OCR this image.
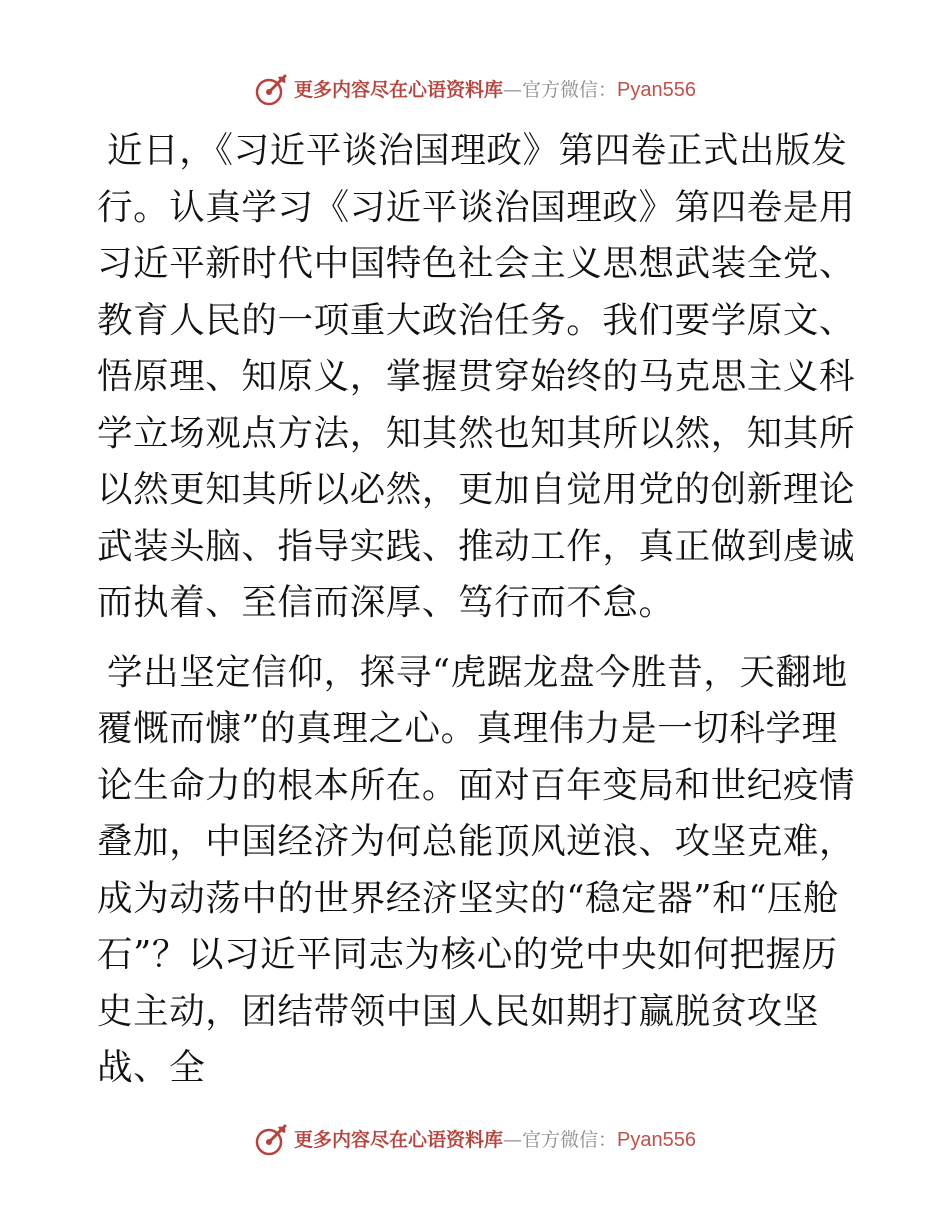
更多内容尽在心语资料库 — 官方微信： Pyan556

近日，《习近平谈治国理政》第四卷正式出版发行。认真学习《习近平谈治国理政》第四卷是用习近平新时代中国特色社会主义思想武装全党、教育人民的一项重大政治任务。我们要学原文、悟原理、知原义，掌握贯穿始终的马克思主义科学立场观点方法，知其然也知其所以然，知其所以然更知其所以必然，更加自觉用党的创新理论武装头脑、指导实践、推动工作，真正做到虔诚而执着、至信而深厚、笃行而不怠。

学出坚定信仰，探寻“虎踞龙盘今胜昔，天翻地覆慨而慷”的真理之心。真理伟力是一切科学理论生命力的根本所在。面对百年变局和世纪疫情叠加，中国经济为何总能顶风逆浪、攻坚克难，成为动荡中的世界经济坚实的“稳定器”和“压舱石”？以习近平同志为核心的党中央如何把握历史主动，团结带领中国人民如期打赢脱贫攻坚战、全

更多内容尽在心语资料库 — 官方微信： Pyan556
